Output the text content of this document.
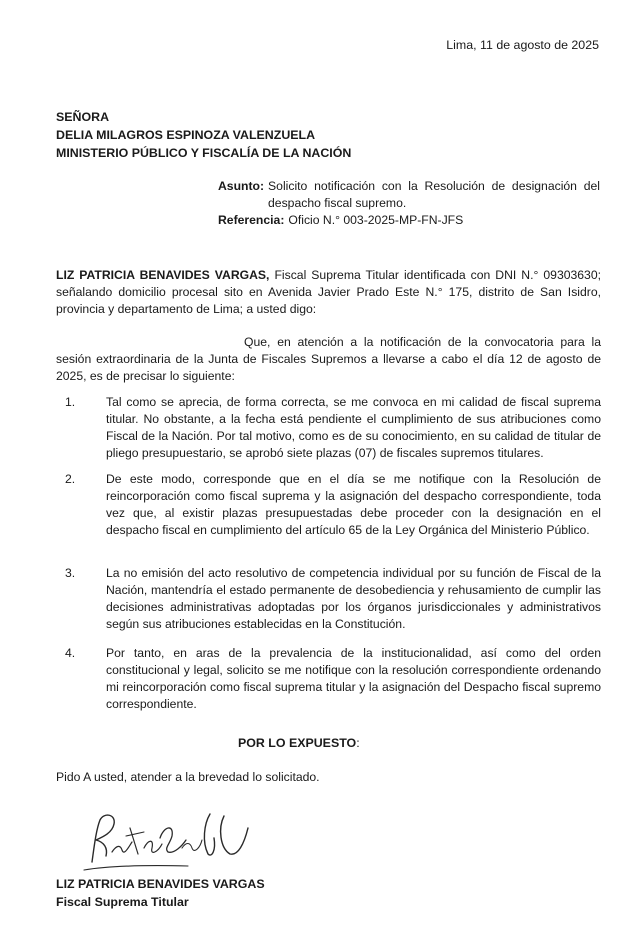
Lima, 11 de agosto de 2025
SEÑORA
DELIA MILAGROS ESPINOZA VALENZUELA
MINISTERIO PÚBLICO Y FISCALÍA DE LA NACIÓN
Asunto: Solicito notificación con la Resolución de designación del despacho fiscal supremo.
Referencia: Oficio N.° 003-2025-MP-FN-JFS
LIZ PATRICIA BENAVIDES VARGAS, Fiscal Suprema Titular identificada con DNI N.° 09303630; señalando domicilio procesal sito en Avenida Javier Prado Este N.° 175, distrito de San Isidro, provincia y departamento de Lima; a usted digo:
Que, en atención a la notificación de la convocatoria para la sesión extraordinaria de la Junta de Fiscales Supremos a llevarse a cabo el día 12 de agosto de 2025, es de precisar lo siguiente:
1.	Tal como se aprecia, de forma correcta, se me convoca en mi calidad de fiscal suprema titular. No obstante, a la fecha está pendiente el cumplimiento de sus atribuciones como Fiscal de la Nación. Por tal motivo, como es de su conocimiento, en su calidad de titular de pliego presupuestario, se aprobó siete plazas (07) de fiscales supremos titulares.
2.	De este modo, corresponde que en el día se me notifique con la Resolución de reincorporación como fiscal suprema y la asignación del despacho correspondiente, toda vez que, al existir plazas presupuestadas debe proceder con la designación en el despacho fiscal en cumplimiento del artículo 65 de la Ley Orgánica del Ministerio Público.
3.	La no emisión del acto resolutivo de competencia individual por su función de Fiscal de la Nación, mantendría el estado permanente de desobediencia y rehusamiento de cumplir las decisiones administrativas adoptadas por los órganos jurisdiccionales y administrativos según sus atribuciones establecidas en la Constitución.
4.	Por tanto, en aras de la prevalencia de la institucionalidad, así como del orden constitucional y legal, solicito se me notifique con la resolución correspondiente ordenando mi reincorporación como fiscal suprema titular y la asignación del Despacho fiscal supremo correspondiente.
POR LO EXPUESTO:
Pido A usted, atender a la brevedad lo solicitado.
LIZ PATRICIA BENAVIDES VARGAS
Fiscal Suprema Titular
